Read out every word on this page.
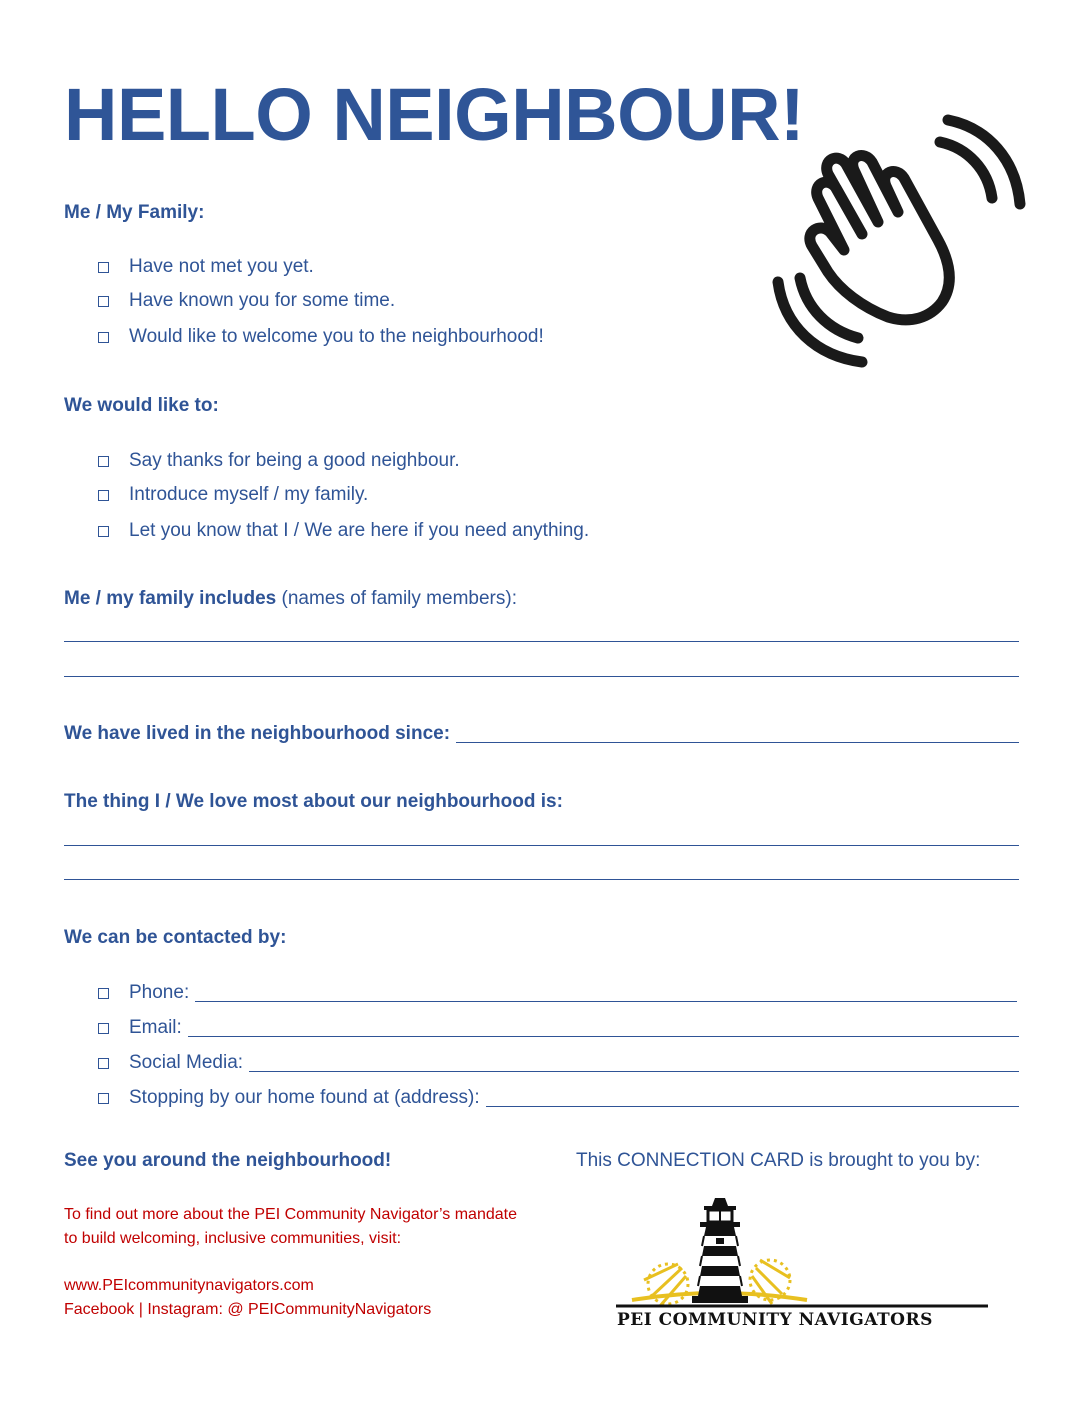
HELLO NEIGHBOUR!
Me / My Family:
Have not met you yet.
Have known you for some time.
Would like to welcome you to the neighbourhood!
We would like to:
Say thanks for being a good neighbour.
Introduce myself / my family.
Let you know that I / We are here if you need anything.
Me / my family includes (names of family members):
We have lived in the neighbourhood since:
The thing I / We love most about our neighbourhood is:
We can be contacted by:
Phone:
Email:
Social Media:
Stopping by our home found at (address):
See you around the neighbourhood!	This CONNECTION CARD is brought to you by:
To find out more about the PEI Community Navigator’s mandate
to build welcoming, inclusive communities, visit:
www.PEIcommunitynavigators.com
Facebook | Instagram: @ PEICommunityNavigators
PEI COMMUNITY NAVIGATORS
